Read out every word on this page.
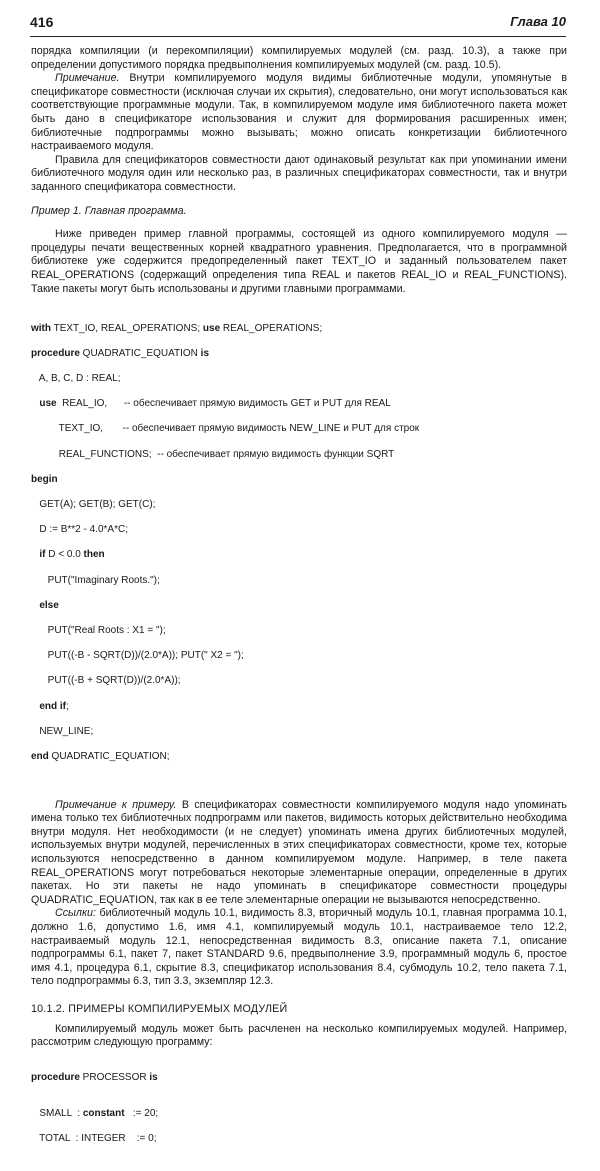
416	Глава 10

порядка компиляции (и перекомпиляции) компилируемых модулей (см. разд. 10.3), а также при определении допустимого порядка предвыполнения компилируемых модулей (см. разд. 10.5).

Примечание. Внутри компилируемого модуля видимы библиотечные модули, упомянутые в спецификаторе совместности (исключая случаи их скрытия), следовательно, они могут использоваться как соответствующие программные модули. Так, в компилируемом модуле имя библиотечного пакета может быть дано в спецификаторе использования и служит для формирования расширенных имен; библиотечные подпрограммы можно вызывать; можно описать конкретизации библиотечного настраиваемого модуля.

Правила для спецификаторов совместности дают одинаковый результат как при упоминании имени библиотечного модуля один или несколько раз, в различных спецификаторах совместности, так и внутри заданного спецификатора совместности.

Пример 1. Главная программа.

Ниже приведен пример главной программы, состоящей из одного компилируемого модуля — процедуры печати вещественных корней квадратного уравнения. Предполагается, что в программной библиотеке уже содержится предопределенный пакет TEXT_IO и заданный пользователем пакет REAL_OPERATIONS (содержащий определения типа REAL и пакетов REAL_IO и REAL_FUNCTIONS). Такие пакеты могут быть использованы и другими главными программами.

with TEXT_IO, REAL_OPERATIONS; use REAL_OPERATIONS;

procedure QUADRATIC_EQUATION is

A, B, C, D : REAL;

use  REAL_IO,      -- обеспечивает прямую видимость GET и PUT для REAL

TEXT_IO,       -- обеспечивает прямую видимость NEW_LINE и PUT для строк

REAL_FUNCTIONS;  -- обеспечивает прямую видимость функции SQRT

begin

GET(A); GET(B); GET(C);

D := B**2 - 4.0*A*C;

if D < 0.0 then

PUT("Imaginary Roots.");

else

PUT("Real Roots : X1 = ");

PUT((-B - SQRT(D))/(2.0*A)); PUT(" X2 = ");

PUT((-B + SQRT(D))/(2.0*A));

end if;

NEW_LINE;

end QUADRATIC_EQUATION;

Примечание к примеру. В спецификаторах совместности компилируемого модуля надо упоминать имена только тех библиотечных подпрограмм или пакетов, видимость которых действительно необходима внутри модуля. Нет необходимости (и не следует) упоминать имена других библиотечных модулей, используемых внутри модулей, перечисленных в этих спецификаторах совместности, кроме тех, которые используются непосредственно в данном компилируемом модуле. Например, в теле пакета REAL_OPERATIONS могут потребоваться некоторые элементарные операции, определенные в других пакетах. Но эти пакеты не надо упоминать в спецификаторе совместности процедуры QUADRATIC_EQUATION, так как в ее теле элементарные операции не вызываются непосредственно.

Ссылки: библиотечный модуль 10.1, видимость 8.3, вторичный модуль 10.1, главная программа 10.1, должно 1.6, допустимо 1.6, имя 4.1, компилируемый модуль 10.1, настраиваемое тело 12.2, настраиваемый модуль 12.1, непосредственная видимость 8.3, описание пакета 7.1, описание подпрограммы 6.1, пакет 7, пакет STANDARD 9.6, предвыполнение 3.9, программный модуль 6, простое имя 4.1, процедура 6.1, скрытие 8.3, спецификатор использования 8.4, субмодуль 10.2, тело пакета 7.1, тело подпрограммы 6.3, тип 3.3, экземпляр 12.3.

10.1.2. ПРИМЕРЫ КОМПИЛИРУЕМЫХ МОДУЛЕЙ

Компилируемый модуль может быть расчленен на несколько компилируемых модулей. Например, рассмотрим следующую программу:

procedure PROCESSOR is

SMALL  : constant   := 20;

TOTAL  : INTEGER    := 0;
